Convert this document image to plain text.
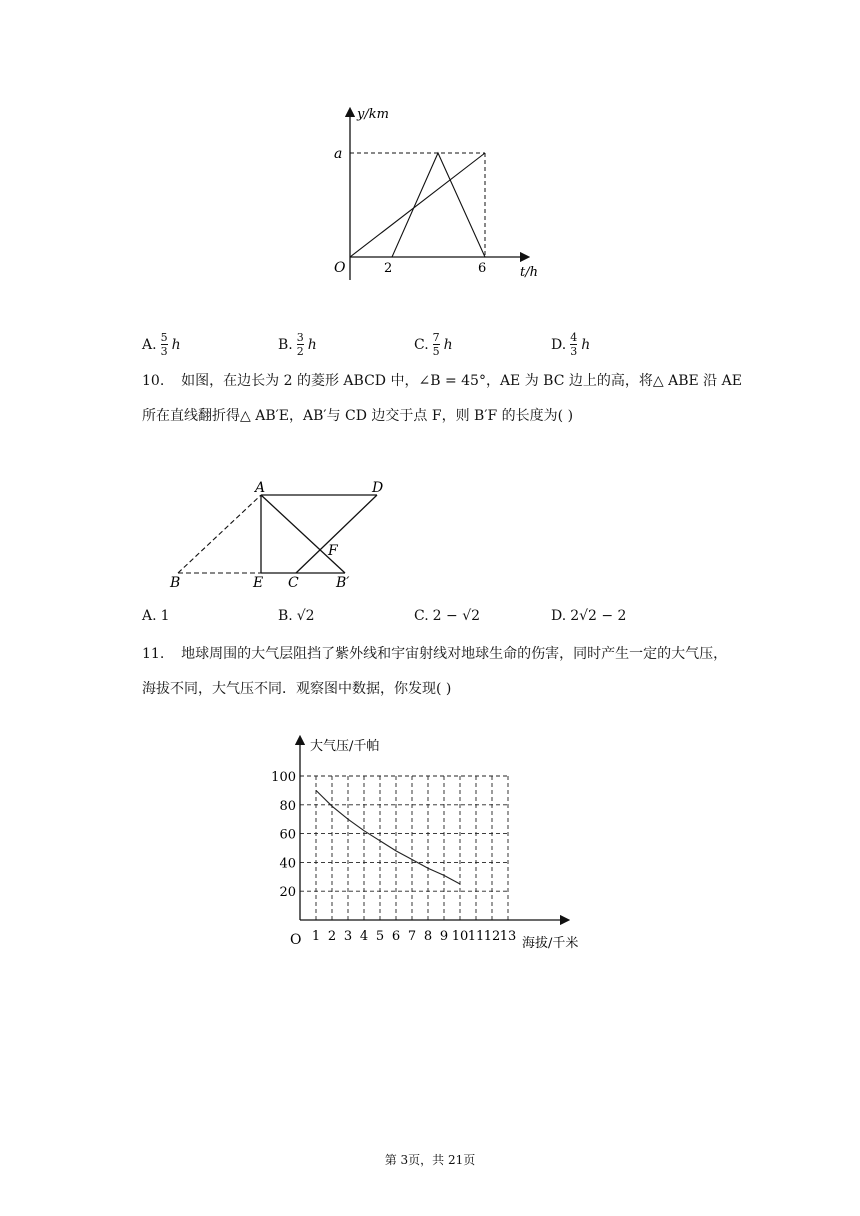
y/km
a
O	2	6	t/h
A. $\frac{5}{3}$ h	B. $\frac{3}{2}$ h	C. $\frac{7}{5}$ h	D. $\frac{4}{3}$ h
10. 如图，在边长为 2 的菱形 ABCD 中，∠B = 45°，AE 为 BC 边上的高，将△ ABE 沿 AE
所在直线翻折得△ AB′E，AB′与 CD 边交于点 F，则 B′F 的长度为( )
A	D
F
B	E C	B′
A. 1	B. √2	C. 2 − √2	D. 2√2 − 2
11. 地球周围的大气层阻挡了紫外线和宇宙射线对地球生命的伤害，同时产生一定的大气压，
海拔不同，大气压不同．观察图中数据，你发现( )
1 2 3 4 5 6 7 8 9 10 11 12 13
20
40
60
80
100
大气压/千帕
O	海拔/千米
第 3页，共 21页
